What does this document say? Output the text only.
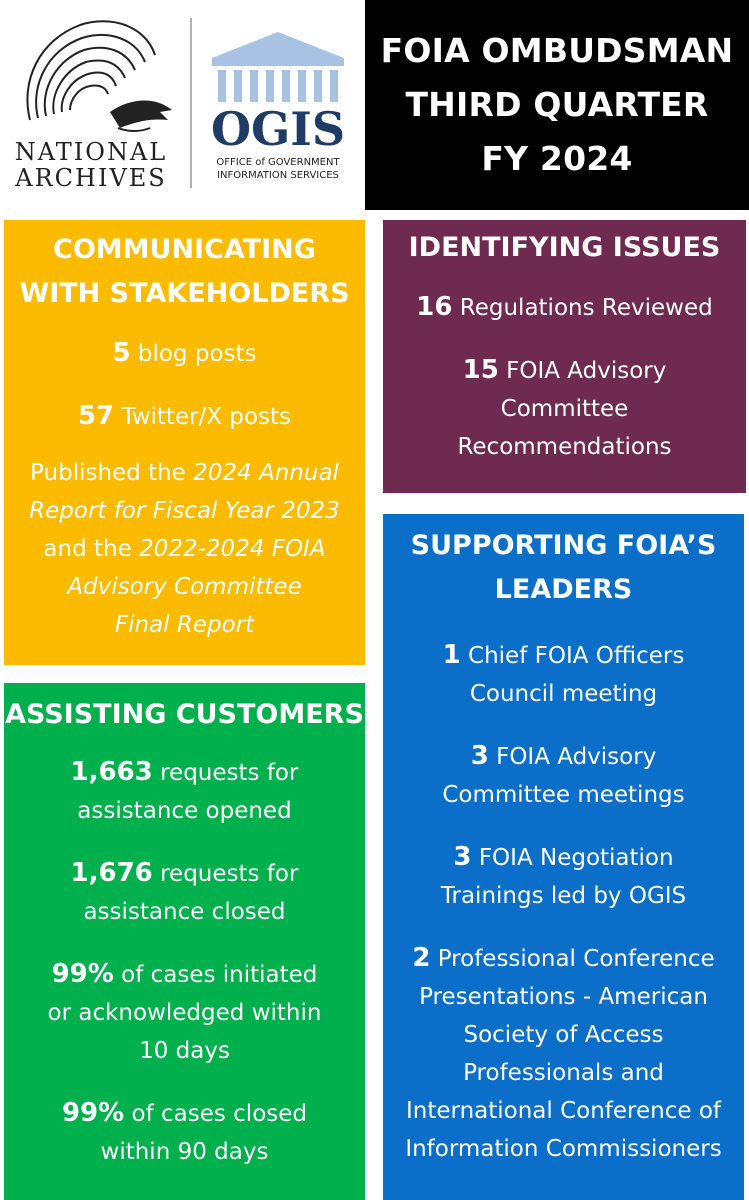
NATIONAL
ARCHIVES
OGIS
OFFICE of GOVERNMENT
INFORMATION SERVICES
FOIA OMBUDSMAN
THIRD QUARTER
FY 2024
COMMUNICATING
WITH STAKEHOLDERS
5 blog posts
57 Twitter/X posts
Published the 2024 Annual
Report for Fiscal Year 2023
and the 2022-2024 FOIA
Advisory Committee
Final Report
IDENTIFYING ISSUES
16 Regulations Reviewed
15 FOIA Advisory
Committee
Recommendations
ASSISTING CUSTOMERS
1,663 requests for
assistance opened
1,676 requests for
assistance closed
99% of cases initiated
or acknowledged within
10 days
99% of cases closed
within 90 days
SUPPORTING FOIA’S
LEADERS
1 Chief FOIA Officers
Council meeting
3 FOIA Advisory
Committee meetings
3 FOIA Negotiation
Trainings led by OGIS
2 Professional Conference
Presentations - American
Society of Access
Professionals and
International Conference of
Information Commissioners
